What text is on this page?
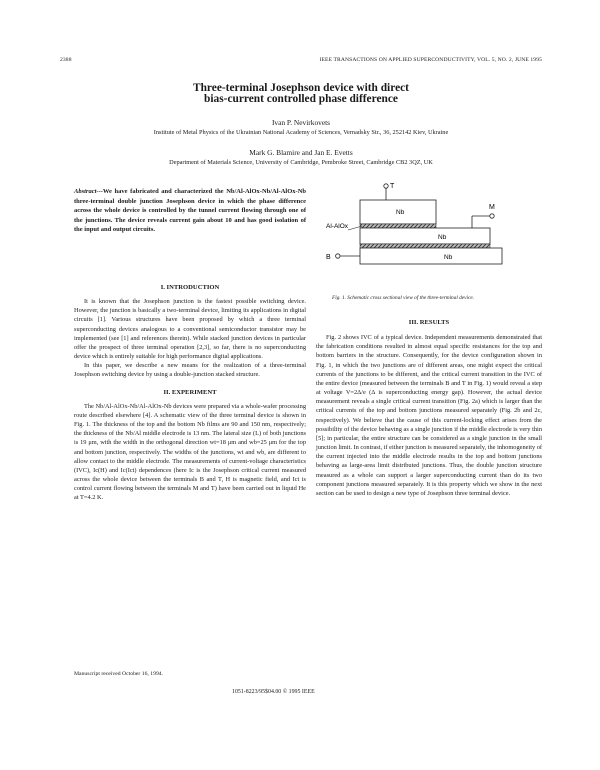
2388	IEEE TRANSACTIONS ON APPLIED SUPERCONDUCTIVITY, VOL. 5, NO. 2, JUNE 1995
Three-terminal Josephson device with direct
bias-current controlled phase difference
Ivan P. Nevirkovets
Institute of Metal Physics of the Ukrainian National Academy of Sciences, Vernadsky Str., 36, 252142 Kiev, Ukraine
Mark G. Blamire and Jan E. Evetts
Department of Materials Science, University of Cambridge, Pembroke Street, Cambridge CB2 3QZ, UK
Abstract---We have fabricated and characterized the Nb/Al-AlOx-Nb/Al-AlOx-Nb three-terminal double junction Josephson device in which the phase difference across the whole device is controlled by the tunnel current flowing through one of the junctions. The device reveals current gain about 10 and has good isolation of the input and output circuits.
I. INTRODUCTION

It is known that the Josephson junction is the fastest possible switching device. However, the junction is basically a two-terminal device, limiting its applications in digital circuits [1]. Various structures have been proposed by which a three terminal superconducting devices analogous to a conventional semiconductor transistor may be implemented (see [1] and references therein). While stacked junction devices in particular offer the prospect of three terminal operation [2,3], so far, there is no superconducting device which is entirely suitable for high performance digital applications.

In this paper, we describe a new means for the realization of a three-terminal Josephson switching device by using a double-junction stacked structure.

II. EXPERIMENT

The Nb/Al-AlOx-Nb/Al-AlOx-Nb devices were prepared via a whole-wafer processing route described elsewhere [4]. A schematic view of the three terminal device is shown in Fig. 1. The thickness of the top and the bottom Nb films are 90 and 150 nm, respectively; the thickness of the Nb/Al middle electrode is 13 nm. The lateral size (L) of both junctions is 19 μm, with the width in the orthogonal direction wt=18 μm and wb=25 μm for the top and bottom junction, respectively. The widths of the junctions, wt and wb, are different to allow contact to the middle electrode. The measurements of current-voltage characteristics (IVC), Ic(H) and Ic(Ict) dependences (here Ic is the Josephson critical current measured across the whole device between the terminals B and T, H is magnetic field, and Ict is control current flowing between the terminals M and T) have been carried out in liquid He at T=4.2 K.

T
Nb
Nb
Nb
M
B
Al-AlOx
Fig. 1. Schematic cross sectional view of the three-terminal device.
III. RESULTS

Fig. 2 shows IVC of a typical device. Independent measurements demonstrated that the fabrication conditions resulted in almost equal specific resistances for the top and bottom barriers in the structure. Consequently, for the device configuration shown in Fig. 1, in which the two junctions are of different areas, one might expect the critical currents of the junctions to be different, and the critical current transition in the IVC of the entire device (measured between the terminals B and T in Fig. 1) would reveal a step at voltage V=2Δ/e (Δ is superconducting energy gap). However, the actual device measurement reveals a single critical current transition (Fig. 2a) which is larger than the critical currents of the top and bottom junctions measured separately (Fig. 2b and 2c, respectively). We believe that the cause of this current-locking effect arises from the possibility of the device behaving as a single junction if the middle electrode is very thin [5]; in particular, the entire structure can be considered as a single junction in the small junction limit. In contrast, if either junction is measured separately, the inhomogeneity of the current injected into the middle electrode results in the top and bottom junctions behaving as large-area limit distributed junctions. Thus, the double junction structure measured as a whole can support a larger superconducting current than do its two component junctions measured separately. It is this property which we show in the next section can be used to design a new type of Josephson three terminal device.

Manuscript received October 16, 1994.
1051-8223/95$04.00 © 1995 IEEE
